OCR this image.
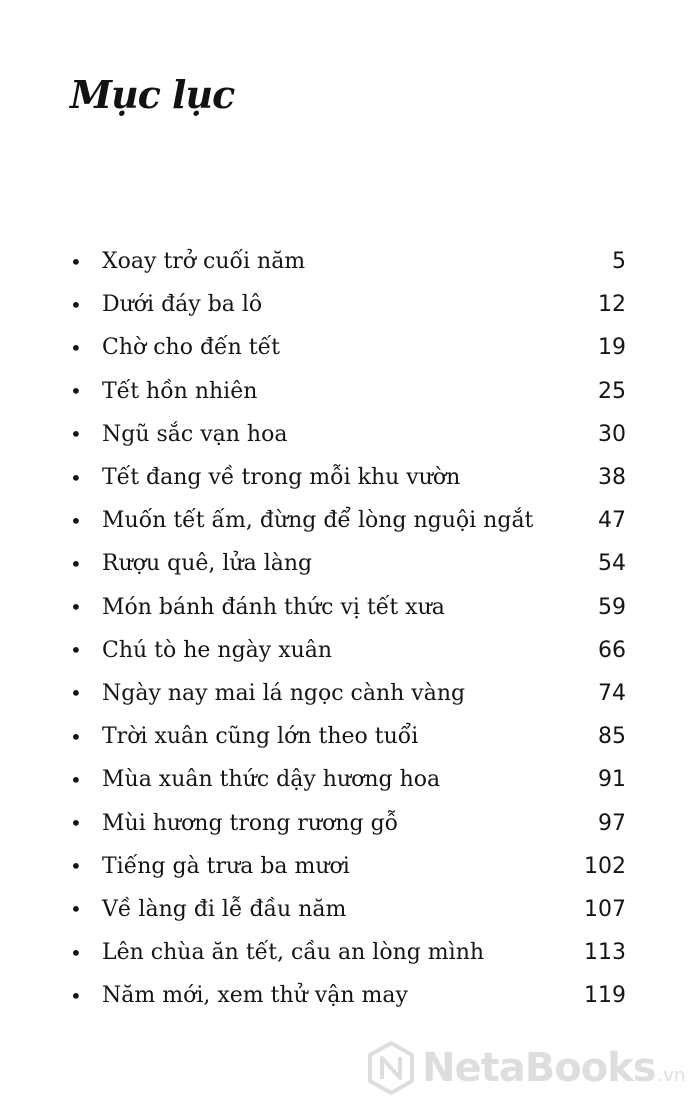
Mục lục
• Xoay trở cuối năm	5
• Dưới đáy ba lô	12
• Chờ cho đến tết	19
• Tết hồn nhiên	25
• Ngũ sắc vạn hoa	30
• Tết đang về trong mỗi khu vườn	38
• Muốn tết ấm, đừng để lòng nguội ngắt	47
• Rượu quê, lửa làng	54
• Món bánh đánh thức vị tết xưa	59
• Chú tò he ngày xuân	66
• Ngày nay mai lá ngọc cành vàng	74
• Trời xuân cũng lớn theo tuổi	85
• Mùa xuân thức dậy hương hoa	91
• Mùi hương trong rương gỗ	97
• Tiếng gà trưa ba mươi	102
• Về làng đi lễ đầu năm	107
• Lên chùa ăn tết, cầu an lòng mình	113
• Năm mới, xem thử vận may	119
NetaBooks .vn
